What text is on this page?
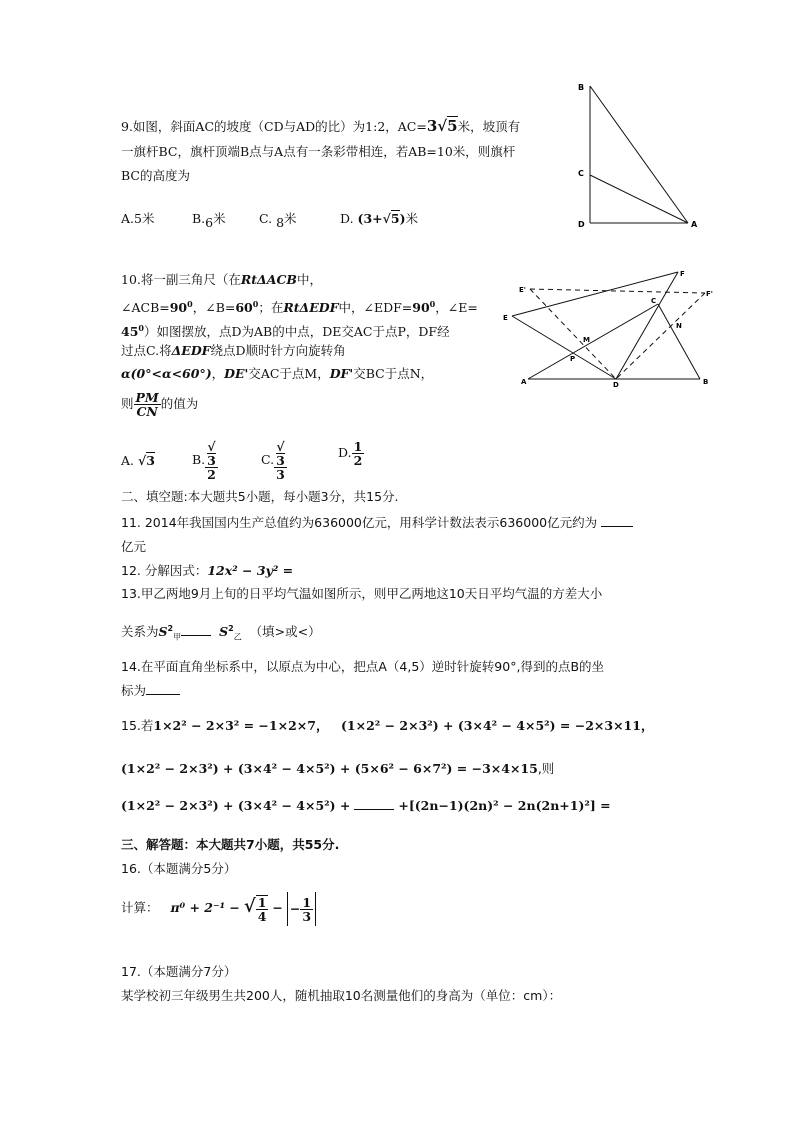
9.如图，斜面AC的坡度（CD与AD的比）为1:2，AC=3√5米，坡顶有
一旗杆BC，旗杆顶端B点与A点有一条彩带相连，若AB=10米，则旗杆
BC的高度为
A.5米	B.6米	C. 8米	D. (3+√5)米
B
C
D	A
10.将一副三角尺（在RtΔACB中，
$\angle ACB=90^0$，$\angle B=60^0$；在RtΔEDF中，$\angle EDF=90^0$，∠E=
$45^0$）如图摆放，点D为AB的中点，DE交AC于点P，DF经
过点C.将ΔEDF绕点D顺时针方向旋转角
α(0°<α<60°)，DE'交AC于点M，DF'交BC于点N，
则 $\frac{PM}{CN}$ 的值为
A. √3	B. √
3
2	C. √
3
3	D. $\frac{1}{2}$
F
E'	F'
C
E
M
N
P
A	D	B
二、填空题:本大题共5小题，每小题3分，共15分.
11. 2014年我国国内生产总值约为636000亿元，用科学计数法表示636000亿元约为
亿元
12. 分解因式：12x² − 3y² =
13.甲乙两地9月上旬的日平均气温如图所示，则甲乙两地这10天日平均气温的方差大小
关系为$S^2_甲$	$S^2_乙$ （填>或<）
14.在平面直角坐标系中，以原点为中心，把点A（4,5）逆时针旋转90°,得到的点B的坐
标为
15.若1×2² − 2×3² = −1×2×7， (1×2² − 2×3²) + (3×4² − 4×5²) = −2×3×11，
(1×2² − 2×3²) + (3×4² − 4×5²) + (5×6² − 6×7²) = −3×4×15,则
(1×2² − 2×3²) + (3×4² − 4×5²) +	+[(2n−1)(2n)² − 2n(2n+1)²] =
三、解答题：本大题共7小题，共55分.
16.（本题满分5分）
计算： π⁰ + 2⁻¹ − √ $\frac{1}{4}$ − − $\frac{1}{3}$
17.（本题满分7分）
某学校初三年级男生共200人，随机抽取10名测量他们的身高为（单位：cm）：
